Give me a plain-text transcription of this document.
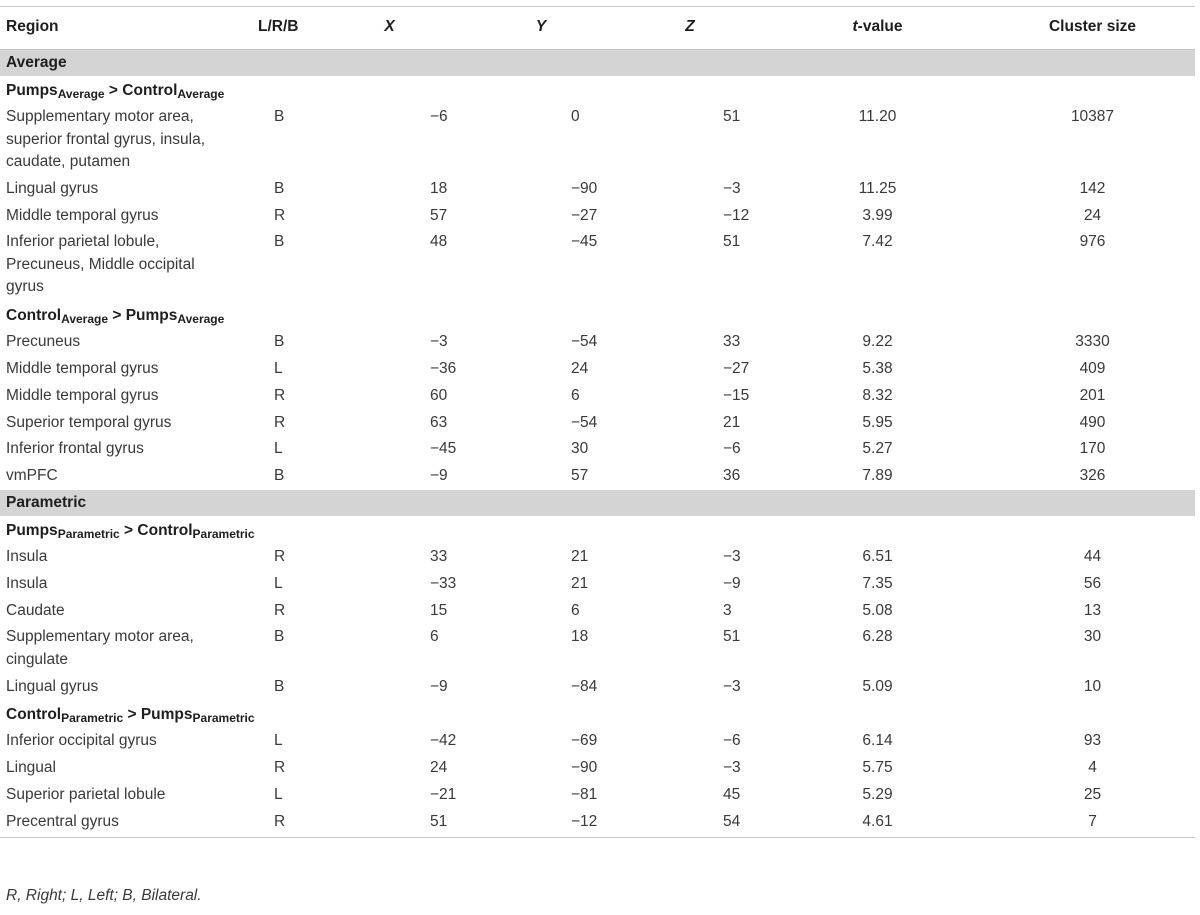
Region	L/R/B	X	Y	Z	t-value	Cluster size
Average						
Pumps$_{Average}$ > Control$_{Average}$
Supplementary motor area, superior frontal gyrus, insula, caudate, putamen	B	−6	0	51	11.20	10387
Lingual gyrus	B	18	−90	−3	11.25	142
Middle temporal gyrus	R	57	−27	−12	3.99	24
Inferior parietal lobule, Precuneus, Middle occipital gyrus	B	48	−45	51	7.42	976
Control$_{Average}$ > Pumps$_{Average}$
Precuneus	B	−3	−54	33	9.22	3330
Middle temporal gyrus	L	−36	24	−27	5.38	409
Middle temporal gyrus	R	60	6	−15	8.32	201
Superior temporal gyrus	R	63	−54	21	5.95	490
Inferior frontal gyrus	L	−45	30	−6	5.27	170
vmPFC	B	−9	57	36	7.89	326
Parametric						
Pumps$_{Parametric}$ > Control$_{Parametric}$
Insula	R	33	21	−3	6.51	44
Insula	L	−33	21	−9	7.35	56
Caudate	R	15	6	3	5.08	13
Supplementary motor area, cingulate	B	6	18	51	6.28	30
Lingual gyrus	B	−9	−84	−3	5.09	10
Control$_{Parametric}$ > Pumps$_{Parametric}$
Inferior occipital gyrus	L	−42	−69	−6	6.14	93
Lingual	R	24	−90	−3	5.75	4
Superior parietal lobule	L	−21	−81	45	5.29	25
Precentral gyrus	R	51	−12	54	4.61	7
R, Right; L, Left; B, Bilateral.
